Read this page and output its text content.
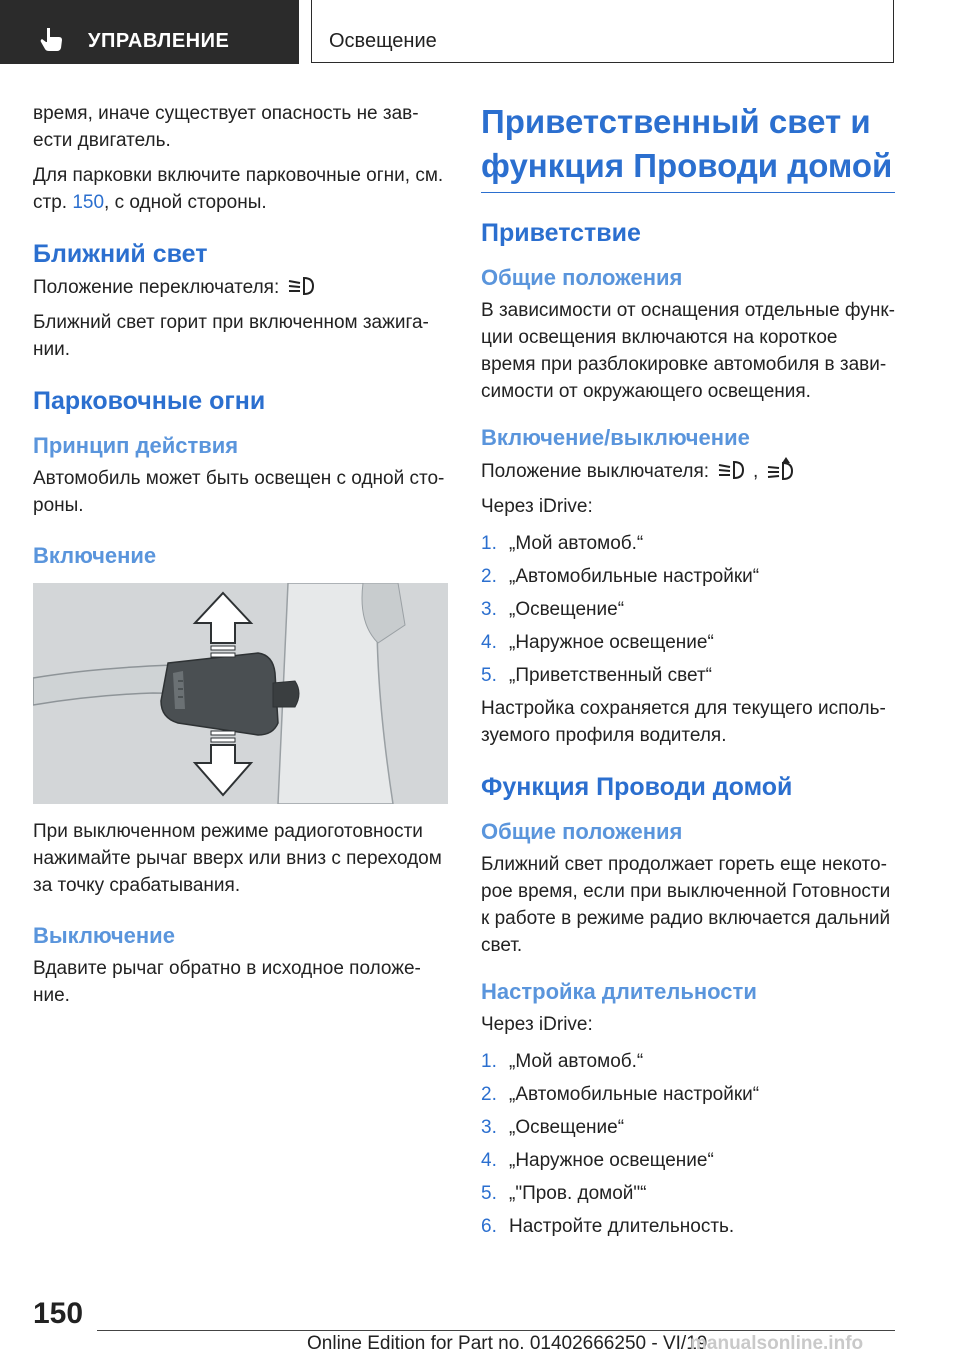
УПРАВЛЕНИЕ	Освещение

время, иначе существует опасность не зав-ести двигатель.

Для парковки включите парковочные огни, см. стр. 150, с одной стороны.

Ближний свет

Положение переключателя:

Ближний свет горит при включенном зажига-нии.

Парковочные огни
Принцип действия

Автомобиль может быть освещен с одной сто-роны.

Включение

При выключенном режиме радиоготовности нажимайте рычаг вверх или вниз с переходом за точку срабатывания.

Выключение

Вдавите рычаг обратно в исходное положе-ние.

Приветственный свет и функция Проводи домой
Приветствие
Общие положения

В зависимости от оснащения отдельные функ-ции освещения включаются на короткое время при разблокировке автомобиля в зави-симости от окружающего освещения.

Включение/выключение

Положение выключателя: ,

Через iDrive:

1. „Мой автомоб.“
2. „Автомобильные настройки“
3. „Освещение“
4. „Наружное освещение“
5. „Приветственный свет“

Настройка сохраняется для текущего исполь-зуемого профиля водителя.

Функция Проводи домой
Общие положения

Ближний свет продолжает гореть еще некото-рое время, если при выключенной Готовности к работе в режиме радио включается дальний свет.

Настройка длительности

Через iDrive:

1. „Мой автомоб.“
2. „Автомобильные настройки“
3. „Освещение“
4. „Наружное освещение“
5. „"Пров. домой"“
6. Настройте длительность.
150
Online Edition for Part no. 01402666250 - VI/19
manualsonline.info
